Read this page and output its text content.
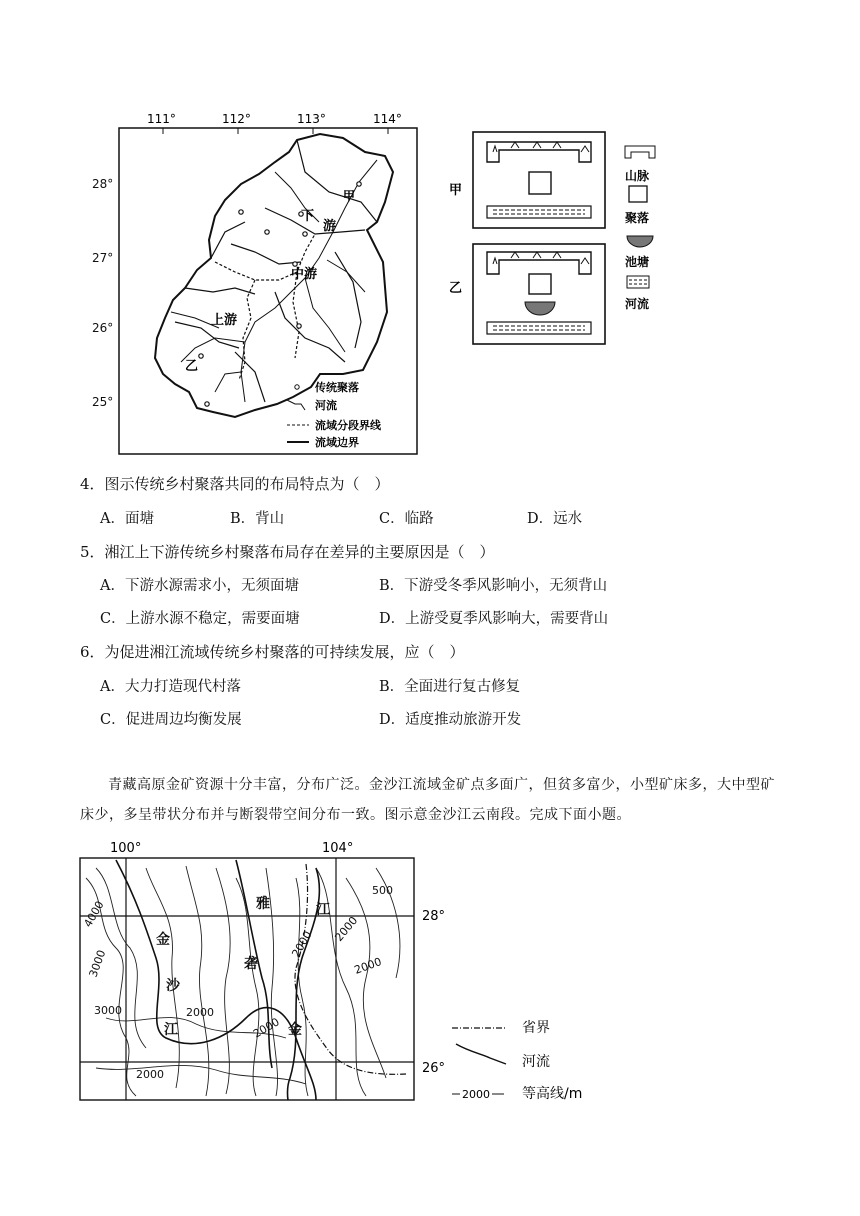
111°	112°	113°	114°
甲
下
游
中游
上游
乙
传统聚落
河流
流域分段界线
流域边界
28°
27°
26°
25°
甲
乙
山脉
聚落
池塘
河流
4．图示传统乡村聚落共同的布局特点为（　）
A．面塘	B．背山	C．临路	D．远水
5．湘江上下游传统乡村聚落布局存在差异的主要原因是（　）
A．下游水源需求小，无须面塘	B．下游受冬季风影响小，无须背山
C．上游水源不稳定，需要面塘	D．上游受夏季风影响大，需要背山
6．为促进湘江流域传统乡村聚落的可持续发展，应（　）
A．大力打造现代村落	B．全面进行复古修复
C．促进周边均衡发展	D．适度推动旅游开发
青藏高原金矿资源十分丰富，分布广泛。金沙江流域金矿点多面广，但贫多富少，小型矿床多，大中型矿床少，多呈带状分布并与断裂带空间分布一致。图示意金沙江云南段。完成下面小题。
100°	104°
4000
3000
3000	2000
2000
2000
2000 2000
2000
500
金
沙
江
雅
砻
江
金
28°
26°
省界
河流
2000 等高线/m
